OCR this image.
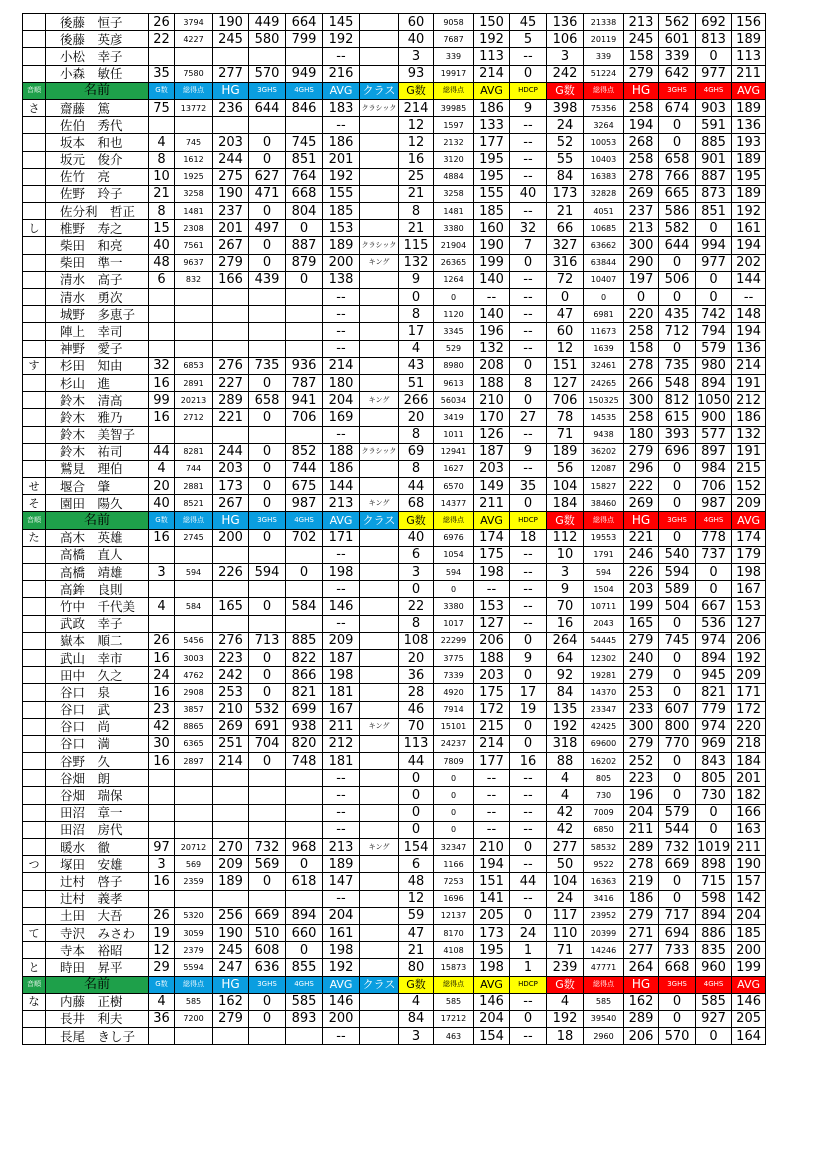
	後藤　恒子	26	3794	190	449	664	145		60	9058	150	45	136	21338	213	562	692	156
	後藤　英彦	22	4227	245	580	799	192		40	7687	192	5	106	20119	245	601	813	189
	小松　幸子						--		3	339	113	--	3	339	158	339	0	113
	小森　敏任	35	7580	277	570	949	216		93	19917	214	0	242	51224	279	642	977	211
音順	名前	G数	総得点	HG	3GHS	4GHS	AVG	クラス	G数	総得点	AVG	HDCP	G数	総得点	HG	3GHS	4GHS	AVG
さ	齋藤　篤	75	13772	236	644	846	183	クラシック	214	39985	186	9	398	75356	258	674	903	189
	佐伯　秀代						--		12	1597	133	--	24	3264	194	0	591	136
	坂本　和也	4	745	203	0	745	186		12	2132	177	--	52	10053	268	0	885	193
	坂元　俊介	8	1612	244	0	851	201		16	3120	195	--	55	10403	258	658	901	189
	佐竹　亮	10	1925	275	627	764	192		25	4884	195	--	84	16383	278	766	887	195
	佐野　玲子	21	3258	190	471	668	155		21	3258	155	40	173	32828	269	665	873	189
	佐分利　哲正	8	1481	237	0	804	185		8	1481	185	--	21	4051	237	586	851	192
し	椎野　寿之	15	2308	201	497	0	153		21	3380	160	32	66	10685	213	582	0	161
	柴田　和亮	40	7561	267	0	887	189	クラシック	115	21904	190	7	327	63662	300	644	994	194
	柴田　準一	48	9637	279	0	879	200	キング	132	26365	199	0	316	63844	290	0	977	202
	清水　高子	6	832	166	439	0	138		9	1264	140	--	72	10407	197	506	0	144
	清水　勇次						--		0	0	--	--	0	0	0	0	0	--
	城野　多恵子						--		8	1120	140	--	47	6981	220	435	742	148
	陣上　幸司						--		17	3345	196	--	60	11673	258	712	794	194
	神野　愛子						--		4	529	132	--	12	1639	158	0	579	136
す	杉田　知由	32	6853	276	735	936	214		43	8980	208	0	151	32461	278	735	980	214
	杉山　進	16	2891	227	0	787	180		51	9613	188	8	127	24265	266	548	894	191
	鈴木　清高	99	20213	289	658	941	204	キング	266	56034	210	0	706	150325	300	812	1050	212
	鈴木　雅乃	16	2712	221	0	706	169		20	3419	170	27	78	14535	258	615	900	186
	鈴木　美智子						--		8	1011	126	--	71	9438	180	393	577	132
	鈴木　祐司	44	8281	244	0	852	188	クラシック	69	12941	187	9	189	36202	279	696	897	191
	鷲見　理伯	4	744	203	0	744	186		8	1627	203	--	56	12087	296	0	984	215
せ	堰合　肇	20	2881	173	0	675	144		44	6570	149	35	104	15827	222	0	706	152
そ	園田　陽久	40	8521	267	0	987	213	キング	68	14377	211	0	184	38460	269	0	987	209
音順	名前	G数	総得点	HG	3GHS	4GHS	AVG	クラス	G数	総得点	AVG	HDCP	G数	総得点	HG	3GHS	4GHS	AVG
た	高木　英雄	16	2745	200	0	702	171		40	6976	174	18	112	19553	221	0	778	174
	高橋　直人						--		6	1054	175	--	10	1791	246	540	737	179
	高橋　靖雄	3	594	226	594	0	198		3	594	198	--	3	594	226	594	0	198
	高鉾　良則						--		0	0	--	--	9	1504	203	589	0	167
	竹中　千代美	4	584	165	0	584	146		22	3380	153	--	70	10711	199	504	667	153
	武政　幸子						--		8	1017	127	--	16	2043	165	0	536	127
	嶽本　順二	26	5456	276	713	885	209		108	22299	206	0	264	54445	279	745	974	206
	武山　幸市	16	3003	223	0	822	187		20	3775	188	9	64	12302	240	0	894	192
	田中　久之	24	4762	242	0	866	198		36	7339	203	0	92	19281	279	0	945	209
	谷口　泉	16	2908	253	0	821	181		28	4920	175	17	84	14370	253	0	821	171
	谷口　武	23	3857	210	532	699	167		46	7914	172	19	135	23347	233	607	779	172
	谷口　尚	42	8865	269	691	938	211	キング	70	15101	215	0	192	42425	300	800	974	220
	谷口　満	30	6365	251	704	820	212		113	24237	214	0	318	69600	279	770	969	218
	谷野　久	16	2897	214	0	748	181		44	7809	177	16	88	16202	252	0	843	184
	谷畑　朗						--		0	0	--	--	4	805	223	0	805	201
	谷畑　瑞保						--		0	0	--	--	4	730	196	0	730	182
	田沼　章一						--		0	0	--	--	42	7009	204	579	0	166
	田沼　房代						--		0	0	--	--	42	6850	211	544	0	163
	暖水　徹	97	20712	270	732	968	213	キング	154	32347	210	0	277	58532	289	732	1019	211
つ	塚田　安雄	3	569	209	569	0	189		6	1166	194	--	50	9522	278	669	898	190
	辻村　啓子	16	2359	189	0	618	147		48	7253	151	44	104	16363	219	0	715	157
	辻村　義孝						--		12	1696	141	--	24	3416	186	0	598	142
	土田　大吾	26	5320	256	669	894	204		59	12137	205	0	117	23952	279	717	894	204
て	寺沢　みさわ	19	3059	190	510	660	161		47	8170	173	24	110	20399	271	694	886	185
	寺本　裕昭	12	2379	245	608	0	198		21	4108	195	1	71	14246	277	733	835	200
と	時田　昇平	29	5594	247	636	855	192		80	15873	198	1	239	47771	264	668	960	199
音順	名前	G数	総得点	HG	3GHS	4GHS	AVG	クラス	G数	総得点	AVG	HDCP	G数	総得点	HG	3GHS	4GHS	AVG
な	内藤　正樹	4	585	162	0	585	146		4	585	146	--	4	585	162	0	585	146
	長井　利夫	36	7200	279	0	893	200		84	17212	204	0	192	39540	289	0	927	205
	長尾　きし子						--		3	463	154	--	18	2960	206	570	0	164
